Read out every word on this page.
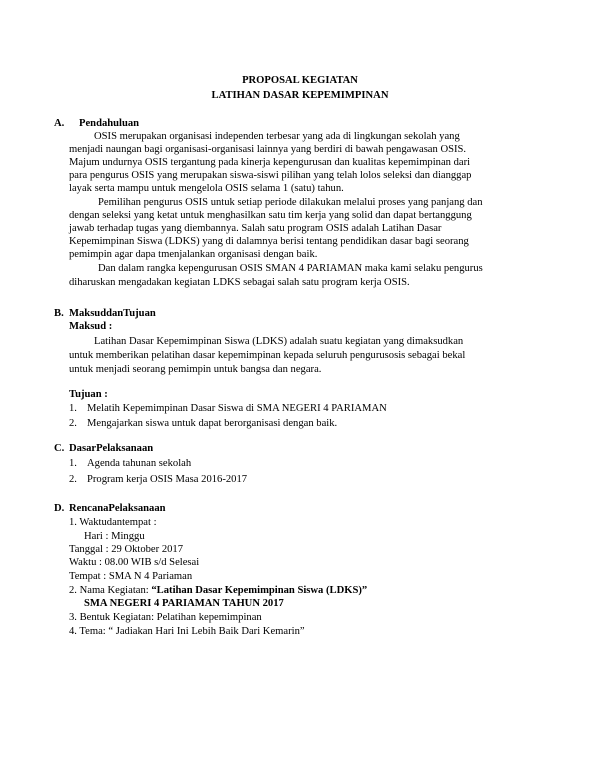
PROPOSAL KEGIATAN
LATIHAN DASAR KEPEMIMPINAN
A. Pendahuluan
OSIS merupakan organisasi independen terbesar yang ada di lingkungan sekolah yang
menjadi naungan bagi organisasi-organisasi lainnya yang berdiri di bawah pengawasan OSIS.
Majum undurnya OSIS tergantung pada kinerja kepengurusan dan kualitas kepemimpinan dari
para pengurus OSIS yang merupakan siswa-siswi pilihan yang telah lolos seleksi dan dianggap
layak serta mampu untuk mengelola OSIS selama 1 (satu) tahun.
Pemilihan pengurus OSIS untuk setiap periode dilakukan melalui proses yang panjang dan
dengan seleksi yang ketat untuk menghasilkan satu tim kerja yang solid dan dapat bertanggung
jawab terhadap tugas yang diembannya. Salah satu program OSIS adalah Latihan Dasar
Kepemimpinan Siswa (LDKS) yang di dalamnya berisi tentang pendidikan dasar bagi seorang
pemimpin agar dapa tmenjalankan organisasi dengan baik.
Dan dalam rangka kepengurusan OSIS SMAN 4 PARIAMAN maka kami selaku pengurus
diharuskan mengadakan kegiatan LDKS sebagai salah satu program kerja OSIS.
B. MaksuddanTujuan
Maksud :
Latihan Dasar Kepemimpinan Siswa (LDKS) adalah suatu kegiatan yang dimaksudkan
untuk memberikan pelatihan dasar kepemimpinan kepada seluruh pengurusosis sebagai bekal
untuk menjadi seorang pemimpin untuk bangsa dan negara.
Tujuan :
1. Melatih Kepemimpinan Dasar Siswa di SMA NEGERI 4 PARIAMAN
2. Mengajarkan siswa untuk dapat berorganisasi dengan baik.
C. DasarPelaksanaan
1. Agenda tahunan sekolah
2. Program kerja OSIS Masa 2016-2017
D. RencanaPelaksanaan
1. Waktudantempat :
Hari : Minggu
Tanggal : 29 Oktober 2017
Waktu : 08.00 WIB s/d Selesai
Tempat : SMA N 4 Pariaman
2. Nama Kegiatan: “Latihan Dasar Kepemimpinan Siswa (LDKS)”
SMA NEGERI 4 PARIAMAN TAHUN 2017
3. Bentuk Kegiatan: Pelatihan kepemimpinan
4. Tema: “ Jadiakan Hari Ini Lebih Baik Dari Kemarin”
